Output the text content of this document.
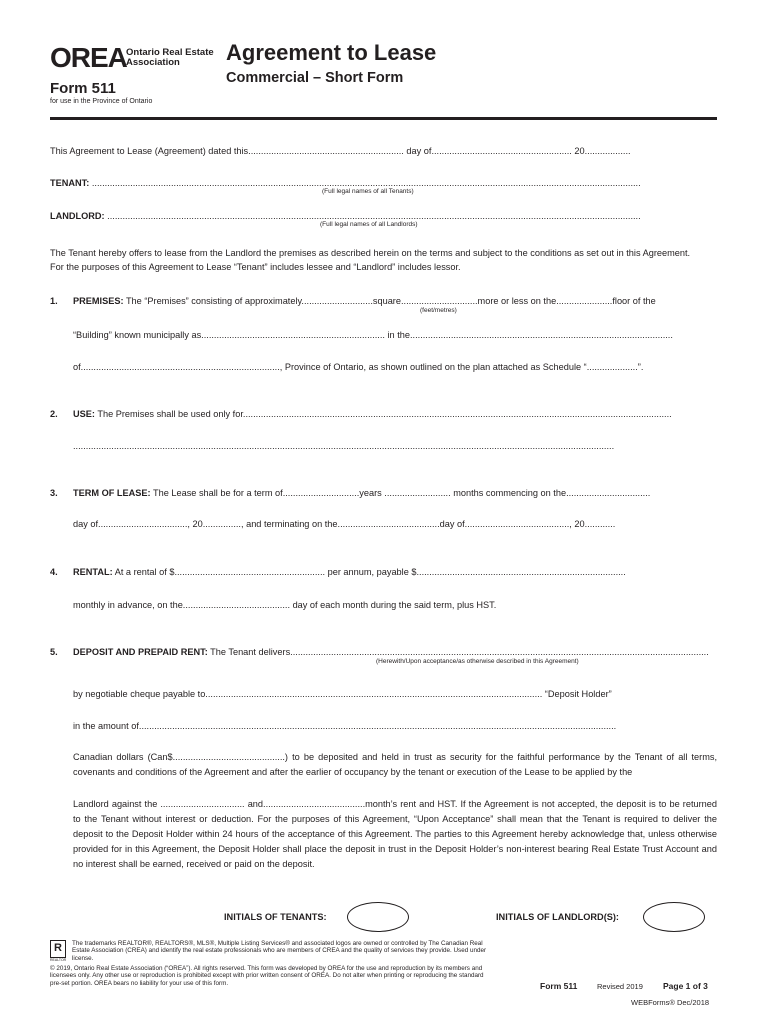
OREA Ontario Real Estate
Association
Form 511
for use in the Province of Ontario
Agreement to Lease
Commercial – Short Form
This Agreement to Lease (Agreement) dated this............................................................. day of....................................................... 20..................
TENANT: .......................................................................................................................................................................................................................
(Full legal names of all Tenants)
LANDLORD: .................................................................................................................................................................................................................
(Full legal names of all Landlords)
The Tenant hereby offers to lease from the Landlord the premises as described herein on the terms and subject to the conditions as set out in this Agreement.
For the purposes of this Agreement to Lease “Tenant” includes lessee and “Landlord” includes lessor.
1. PREMISES: The “Premises” consisting of approximately............................square..............................more or less on the......................floor of the
(feet/metres)
“Building” known municipally as........................................................................ in the.......................................................................................................
of.............................................................................., Province of Ontario, as shown outlined on the plan attached as Schedule “....................”.
2. USE: The Premises shall be used only for........................................................................................................................................................................
....................................................................................................................................................................................................................
3. TERM OF LEASE: The Lease shall be for a term of..............................years .......................... months commencing on the.................................
day of..................................., 20..............., and terminating on the........................................day of........................................., 20............
4. RENTAL: At a rental of $........................................................... per annum, payable $..................................................................................
monthly in advance, on the.......................................... day of each month during the said term, plus HST.
5. DEPOSIT AND PREPAID RENT: The Tenant delivers....................................................................................................................................................................
(Herewith/Upon acceptance/as otherwise described in this Agreement)
by negotiable cheque payable to.................................................................................................................................... “Deposit Holder”
in the amount of...........................................................................................................................................................................................
Canadian dollars (Can$............................................) to be deposited and held in trust as security for the faithful performance by the Tenant of all terms, covenants and conditions of the Agreement and after the earlier of occupancy by the tenant or execution of the Lease to be applied by the
Landlord against the ................................. and........................................month’s rent and HST. If the Agreement is not accepted, the deposit is to be returned to the Tenant without interest or deduction. For the purposes of this Agreement, “Upon Acceptance” shall mean that the Tenant is required to deliver the deposit to the Deposit Holder within 24 hours of the acceptance of this Agreement. The parties to this Agreement hereby acknowledge that, unless otherwise provided for in this Agreement, the Deposit Holder shall place the deposit in trust in the Deposit Holder’s non-interest bearing Real Estate Trust Account and no interest shall be earned, received or paid on the deposit.
INITIALS OF TENANTS:	INITIALS OF LANDLORD(S):
R
REALTOR
The trademarks REALTOR®, REALTORS®, MLS®, Multiple Listing Services® and associated logos are owned or controlled by The Canadian Real Estate Association (CREA) and identify the real estate professionals who are members of CREA and the quality of services they provide. Used under license.
© 2019, Ontario Real Estate Association (“OREA”). All rights reserved. This form was developed by OREA for the use and reproduction by its members and licensees only. Any other use or reproduction is prohibited except with prior written consent of OREA. Do not alter when printing or reproducing the standard pre-set portion. OREA bears no liability for your use of this form.	Form 511	Revised 2019 Page 1 of 3
WEBForms® Dec/2018
